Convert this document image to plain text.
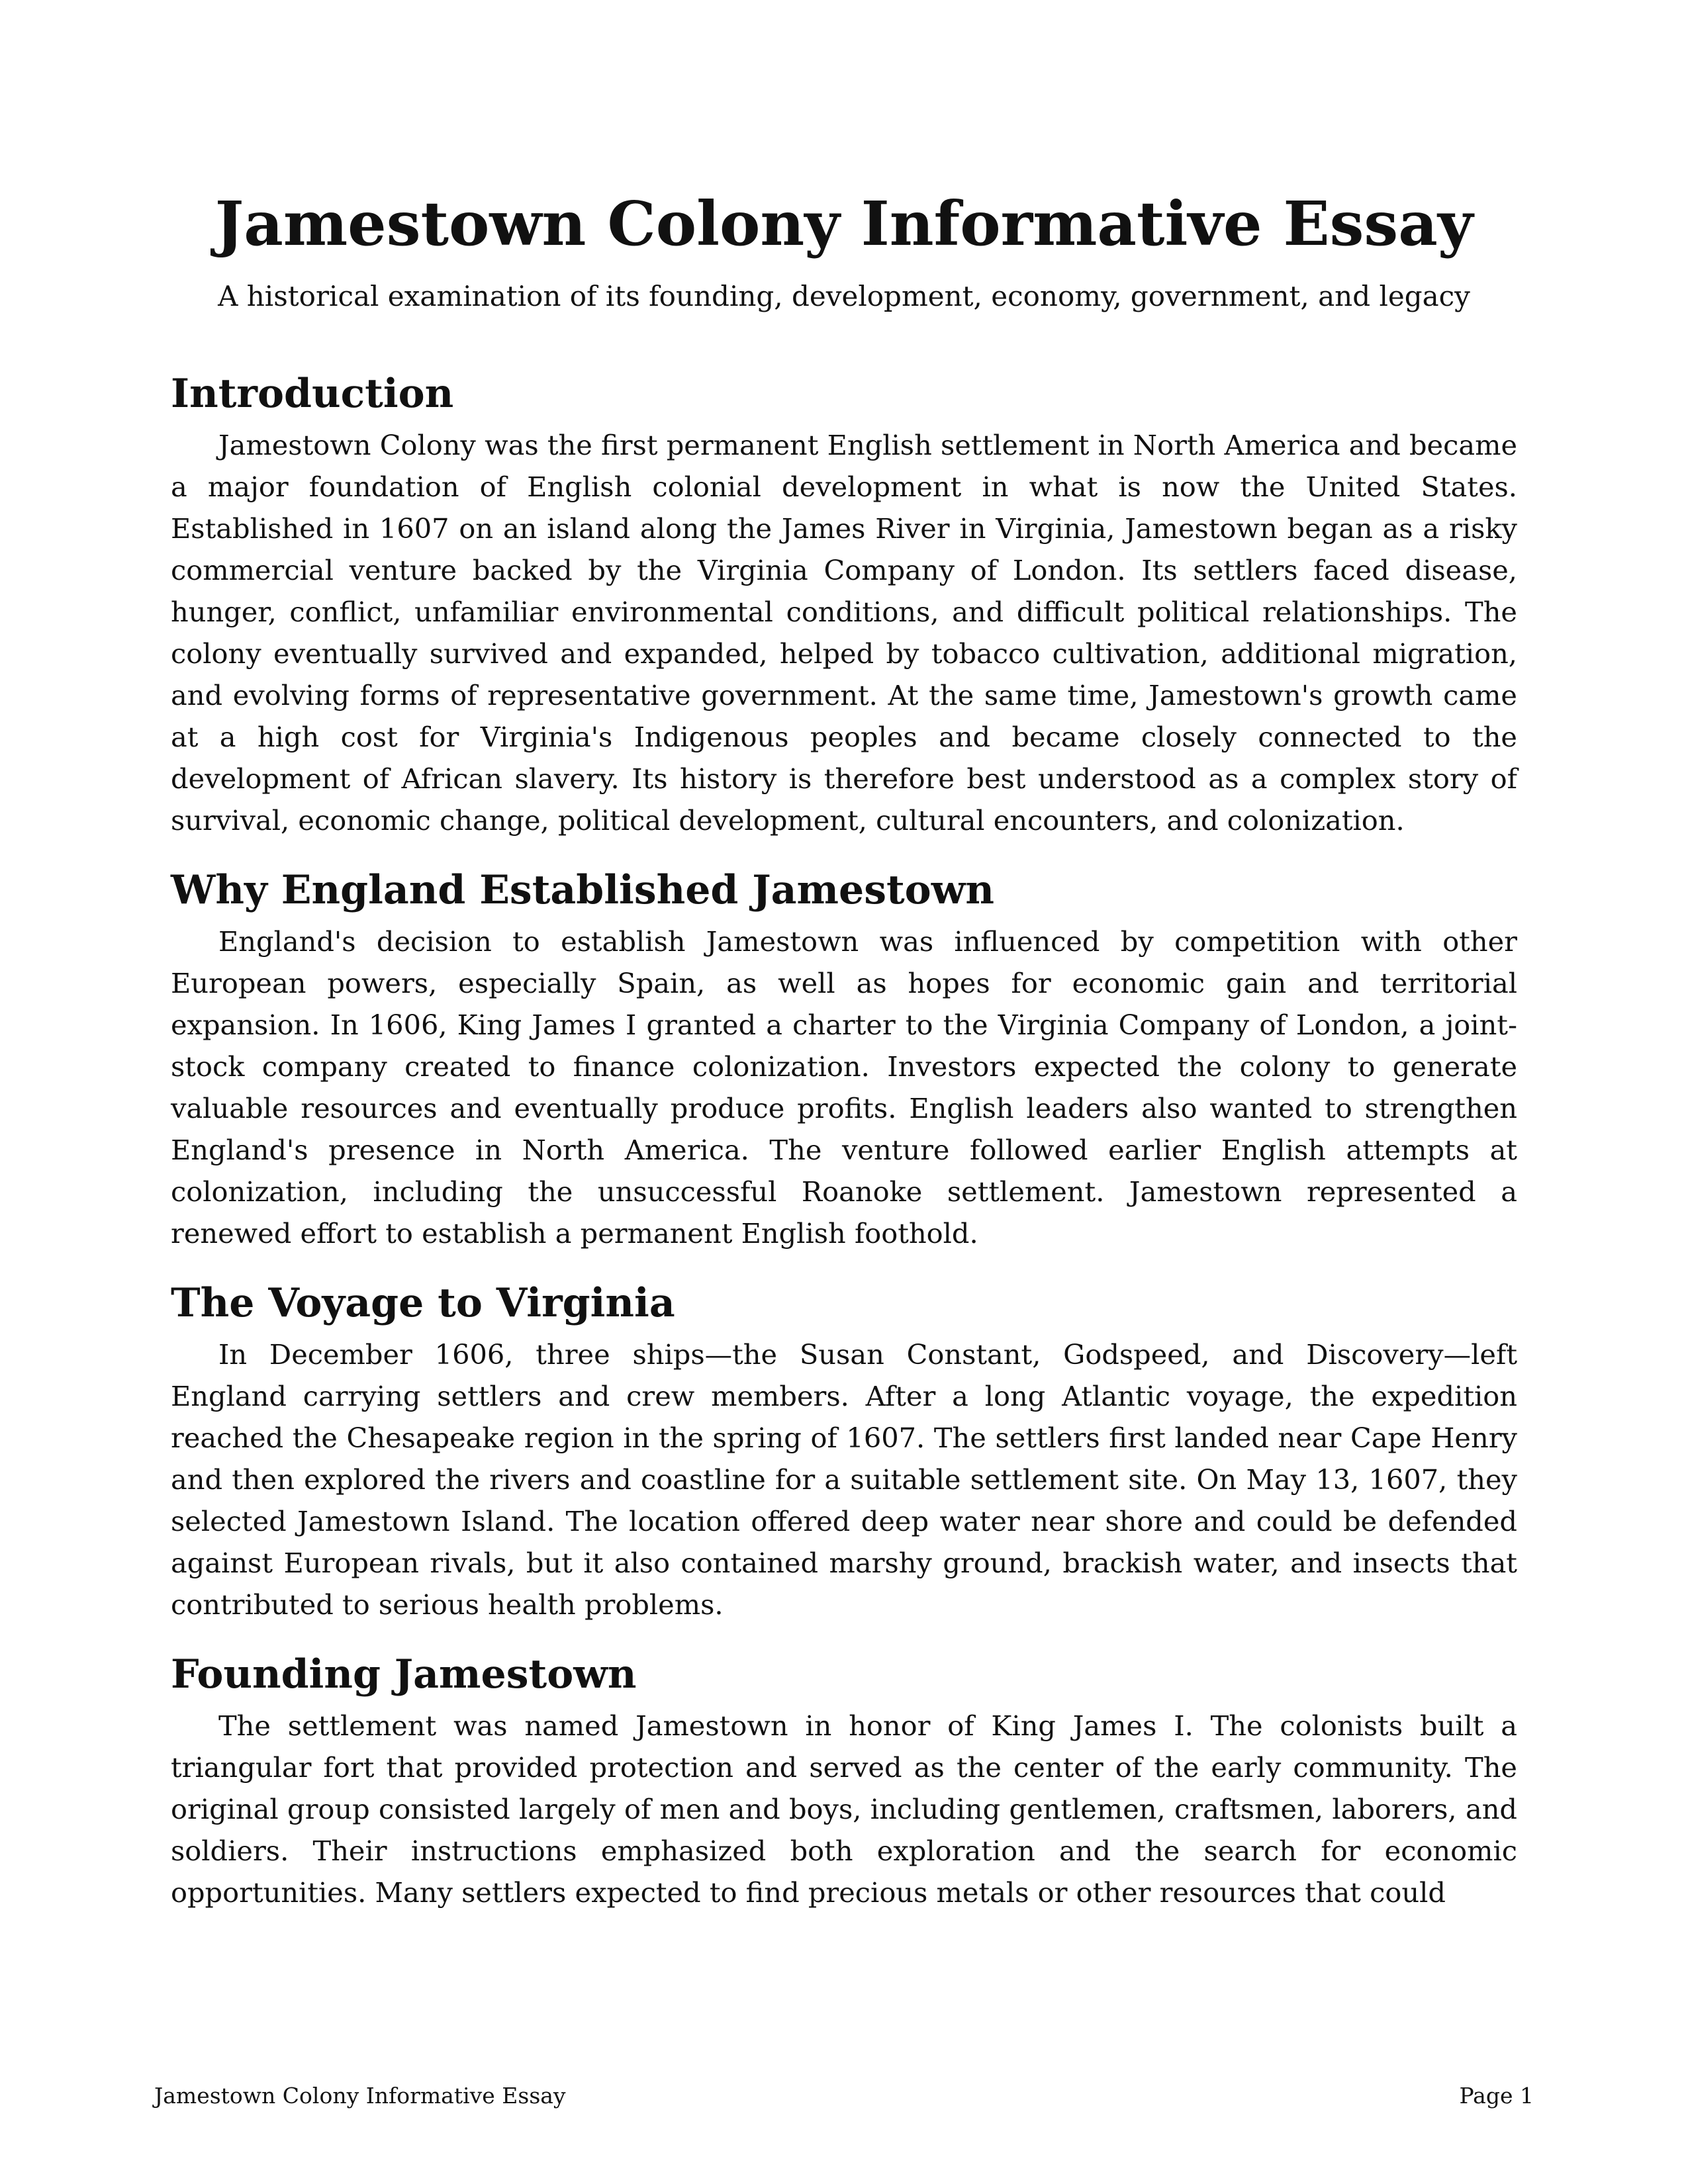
Jamestown Colony Informative Essay

A historical examination of its founding, development, economy, government, and legacy

Introduction

Jamestown Colony was the first permanent English settlement in North America and became a major foundation of English colonial development in what is now the United States. Established in 1607 on an island along the James River in Virginia, Jamestown began as a risky commercial venture backed by the Virginia Company of London. Its settlers faced disease, hunger, conflict, unfamiliar environmental conditions, and difficult political relationships. The colony eventually survived and expanded, helped by tobacco cultivation, additional migration, and evolving forms of representative government. At the same time, Jamestown's growth came at a high cost for Virginia's Indigenous peoples and became closely connected to the development of African slavery. Its history is therefore best understood as a complex story of survival, economic change, political development, cultural encounters, and colonization.

Why England Established Jamestown

England's decision to establish Jamestown was influenced by competition with other European powers, especially Spain, as well as hopes for economic gain and territorial expansion. In 1606, King James I granted a charter to the Virginia Company of London, a joint-stock company created to finance colonization. Investors expected the colony to generate valuable resources and eventually produce profits. English leaders also wanted to strengthen England's presence in North America. The venture followed earlier English attempts at colonization, including the unsuccessful Roanoke settlement. Jamestown represented a renewed effort to establish a permanent English foothold.

The Voyage to Virginia

In December 1606, three ships—the Susan Constant, Godspeed, and Discovery—left England carrying settlers and crew members. After a long Atlantic voyage, the expedition reached the Chesapeake region in the spring of 1607. The settlers first landed near Cape Henry and then explored the rivers and coastline for a suitable settlement site. On May 13, 1607, they selected Jamestown Island. The location offered deep water near shore and could be defended against European rivals, but it also contained marshy ground, brackish water, and insects that contributed to serious health problems.

Founding Jamestown

The settlement was named Jamestown in honor of King James I. The colonists built a triangular fort that provided protection and served as the center of the early community. The original group consisted largely of men and boys, including gentlemen, craftsmen, laborers, and soldiers. Their instructions emphasized both exploration and the search for economic opportunities. Many settlers expected to find precious metals or other resources that could

Jamestown Colony Informative Essay	Page 1
